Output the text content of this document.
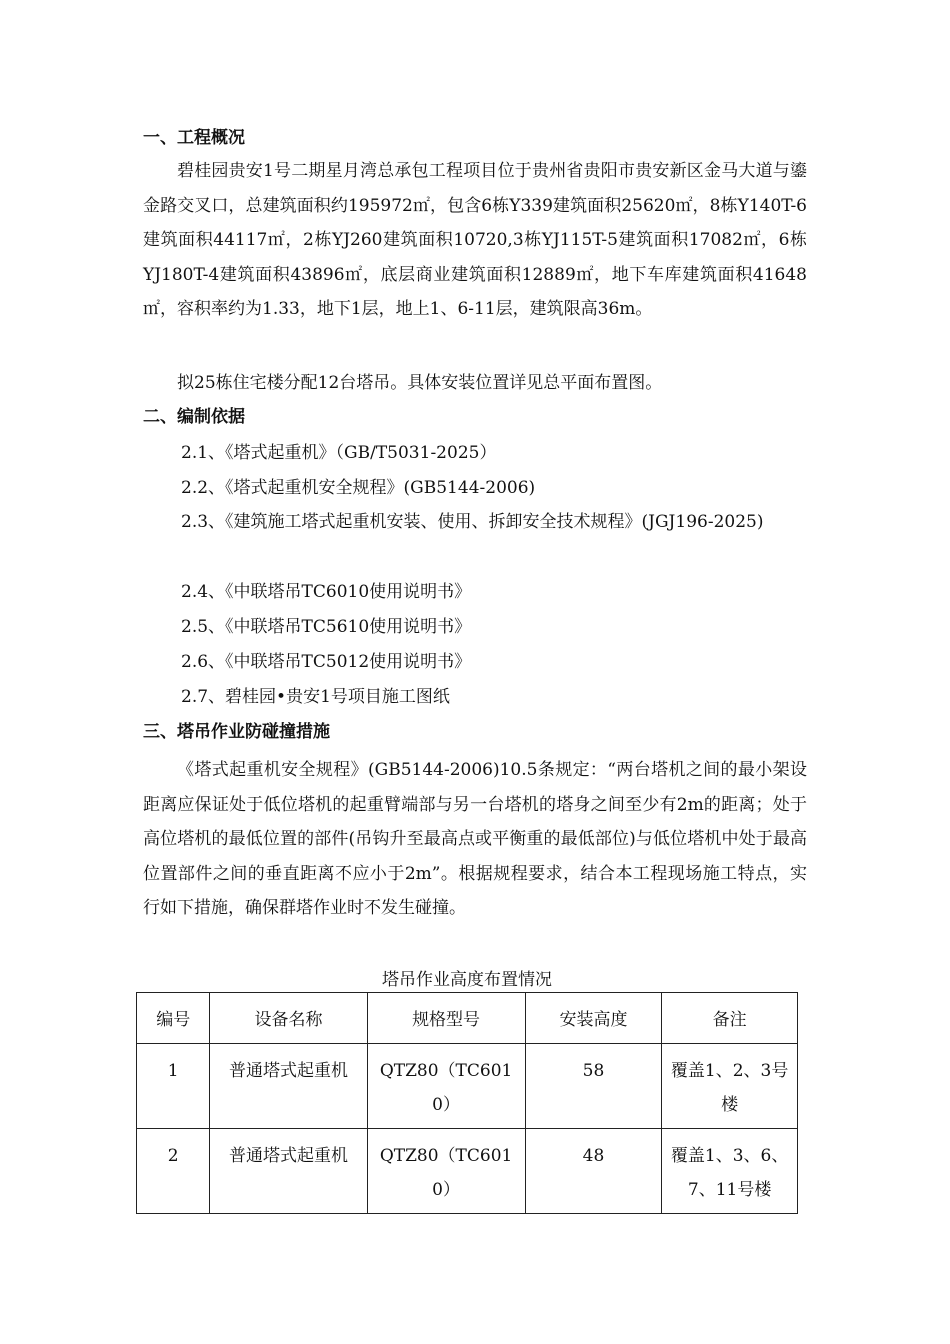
一、工程概况

碧桂园贵安1号二期星月湾总承包工程项目位于贵州省贵阳市贵安新区金马大道与鎏金路交叉口，总建筑面积约195972㎡，包含6栋Y339建筑面积25620㎡，8栋Y140T-6建筑面积44117㎡，2栋YJ260建筑面积10720,3栋YJ115T-5建筑面积17082㎡，6栋YJ180T-4建筑面积43896㎡，底层商业建筑面积12889㎡，地下车库建筑面积41648㎡，容积率约为1.33，地下1层，地上1、6-11层，建筑限高36m。

拟25栋住宅楼分配12台塔吊。具体安装位置详见总平面布置图。

二、编制依据
2.1、《塔式起重机》（GB/T5031-2025）
2.2、《塔式起重机安全规程》(GB5144-2006)

2.3、《建筑施工塔式起重机安装、使用、拆卸安全技术规程》(JGJ196-2025)

2.4、《中联塔吊TC6010使用说明书》
2.5、《中联塔吊TC5610使用说明书》
2.6、《中联塔吊TC5012使用说明书》
2.7、碧桂园•贵安1号项目施工图纸
三、塔吊作业防碰撞措施

《塔式起重机安全规程》(GB5144-2006)10.5条规定：“两台塔机之间的最小架设距离应保证处于低位塔机的起重臂端部与另一台塔机的塔身之间至少有2m的距离；处于高位塔机的最低位置的部件(吊钩升至最高点或平衡重的最低部位)与低位塔机中处于最高位置部件之间的垂直距离不应小于2m”。根据规程要求，结合本工程现场施工特点，实行如下措施，确保群塔作业时不发生碰撞。

塔吊作业高度布置情况
编号	设备名称	规格型号	安装高度	备注
1	普通塔式起重机	QTZ80（TC6010）	58	覆盖1、2、3号楼
2	普通塔式起重机	QTZ80（TC6010）	48	覆盖1、3、6、7、11号楼
